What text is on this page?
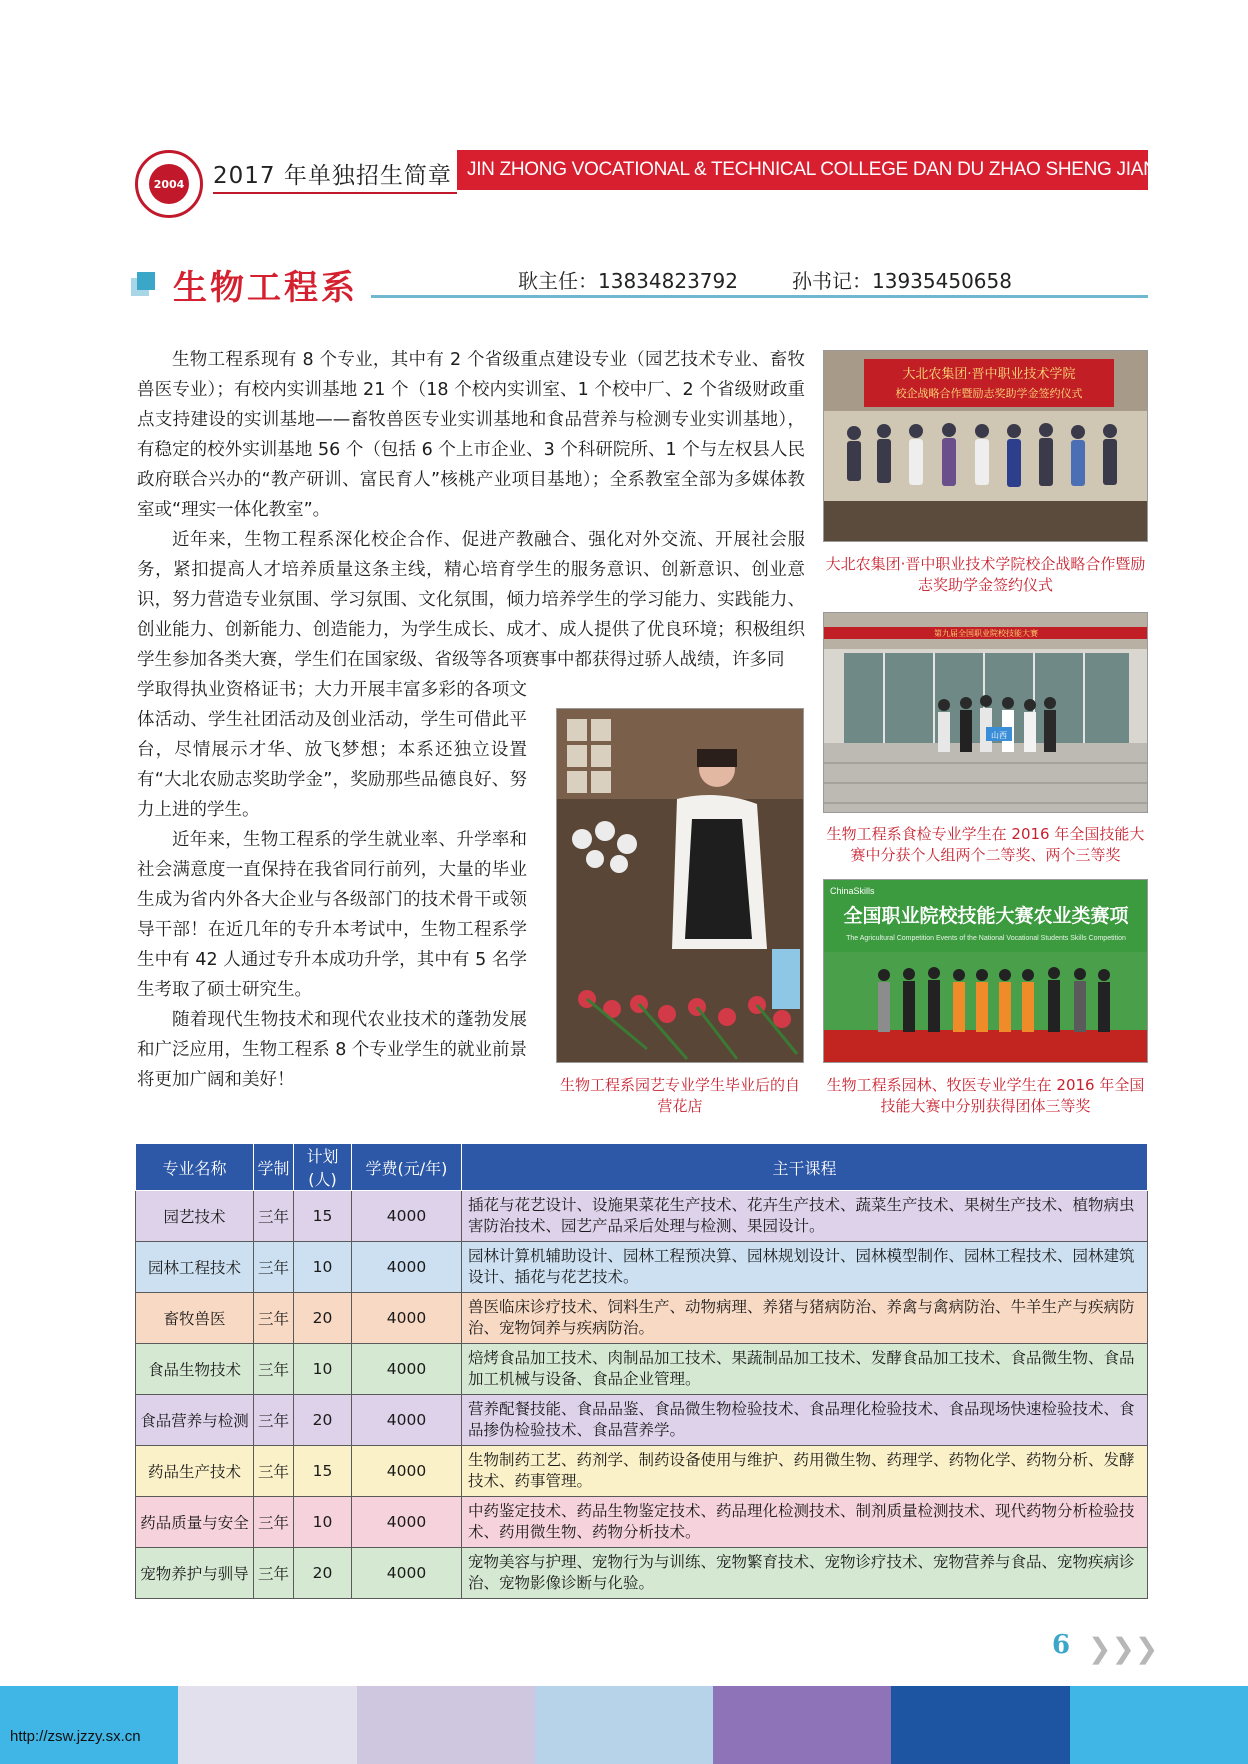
2004 2017 年单独招生简章 JIN ZHONG VOCATIONAL & TECHNICAL COLLEGE DAN DU ZHAO SHENG JIAN ZHANG
生物工程系	耿主任：13834823792	孙书记：13935450658
生物工程系现有 8 个专业，其中有 2 个省级重点建设专业（园艺技术专业、畜牧兽医专业）；有校内实训基地 21 个（18 个校内实训室、1 个校中厂、2 个省级财政重点支持建设的实训基地——畜牧兽医专业实训基地和食品营养与检测专业实训基地），有稳定的校外实训基地 56 个（包括 6 个上市企业、3 个科研院所、1 个与左权县人民政府联合兴办的“教产研训、富民育人”核桃产业项目基地）；全系教室全部为多媒体教室或“理实一体化教室”。
近年来，生物工程系深化校企合作、促进产教融合、强化对外交流、开展社会服务，紧扣提高人才培养质量这条主线，精心培育学生的服务意识、创新意识、创业意识，努力营造专业氛围、学习氛围、文化氛围，倾力培养学生的学习能力、实践能力、创业能力、创新能力、创造能力，为学生成长、成才、成人提供了优良环境；积极组织学生参加各类大赛，学生们在国家级、省级等各项赛事中都获得过骄人战绩，许多同
学取得执业资格证书；大力开展丰富多彩的各项文体活动、学生社团活动及创业活动，学生可借此平台，尽情展示才华、放飞梦想；本系还独立设置有“大北农励志奖助学金”，奖励那些品德良好、努力上进的学生。
近年来，生物工程系的学生就业率、升学率和社会满意度一直保持在我省同行前列，大量的毕业生成为省内外各大企业与各级部门的技术骨干或领导干部！在近几年的专升本考试中，生物工程系学生中有 42 人通过专升本成功升学，其中有 5 名学生考取了硕士研究生。
随着现代生物技术和现代农业技术的蓬勃发展和广泛应用，生物工程系 8 个专业学生的就业前景将更加广阔和美好！
大北农集团·晋中职业技术学院
校企战略合作暨励志奖助学金签约仪式
大北农集团·晋中职业技术学院校企战略合作暨励志奖助学金签约仪式
第九届全国职业院校技能大赛
山西
生物工程系食检专业学生在 2016 年全国技能大赛中分获个人组两个二等奖、两个三等奖
生物工程系园艺专业学生毕业后的自营花店
ChinaSkills
全国职业院校技能大赛农业类赛项
The Agricultural Competition Events of the National Vocational Students Skills Competition
生物工程系园林、牧医专业学生在 2016 年全国技能大赛中分别获得团体三等奖
专业名称	学制	计划(人)	学费(元/年)	主干课程
园艺技术	三年	15	4000	插花与花艺设计、设施果菜花生产技术、花卉生产技术、蔬菜生产技术、果树生产技术、植物病虫害防治技术、园艺产品采后处理与检测、果园设计。
园林工程技术	三年	10	4000	园林计算机辅助设计、园林工程预决算、园林规划设计、园林模型制作、园林工程技术、园林建筑设计、插花与花艺技术。
畜牧兽医	三年	20	4000	兽医临床诊疗技术、饲料生产、动物病理、养猪与猪病防治、养禽与禽病防治、牛羊生产与疾病防治、宠物饲养与疾病防治。
食品生物技术	三年	10	4000	焙烤食品加工技术、肉制品加工技术、果蔬制品加工技术、发酵食品加工技术、食品微生物、食品加工机械与设备、食品企业管理。
食品营养与检测	三年	20	4000	营养配餐技能、食品品鉴、食品微生物检验技术、食品理化检验技术、食品现场快速检验技术、食品掺伪检验技术、食品营养学。
药品生产技术	三年	15	4000	生物制药工艺、药剂学、制药设备使用与维护、药用微生物、药理学、药物化学、药物分析、发酵技术、药事管理。
药品质量与安全	三年	10	4000	中药鉴定技术、药品生物鉴定技术、药品理化检测技术、制剂质量检测技术、现代药物分析检验技术、药用微生物、药物分析技术。
宠物养护与驯导	三年	20	4000	宠物美容与护理、宠物行为与训练、宠物繁育技术、宠物诊疗技术、宠物营养与食品、宠物疾病诊治、宠物影像诊断与化验。
6 ❯❯❯
http://zsw.jzzy.sx.cn
